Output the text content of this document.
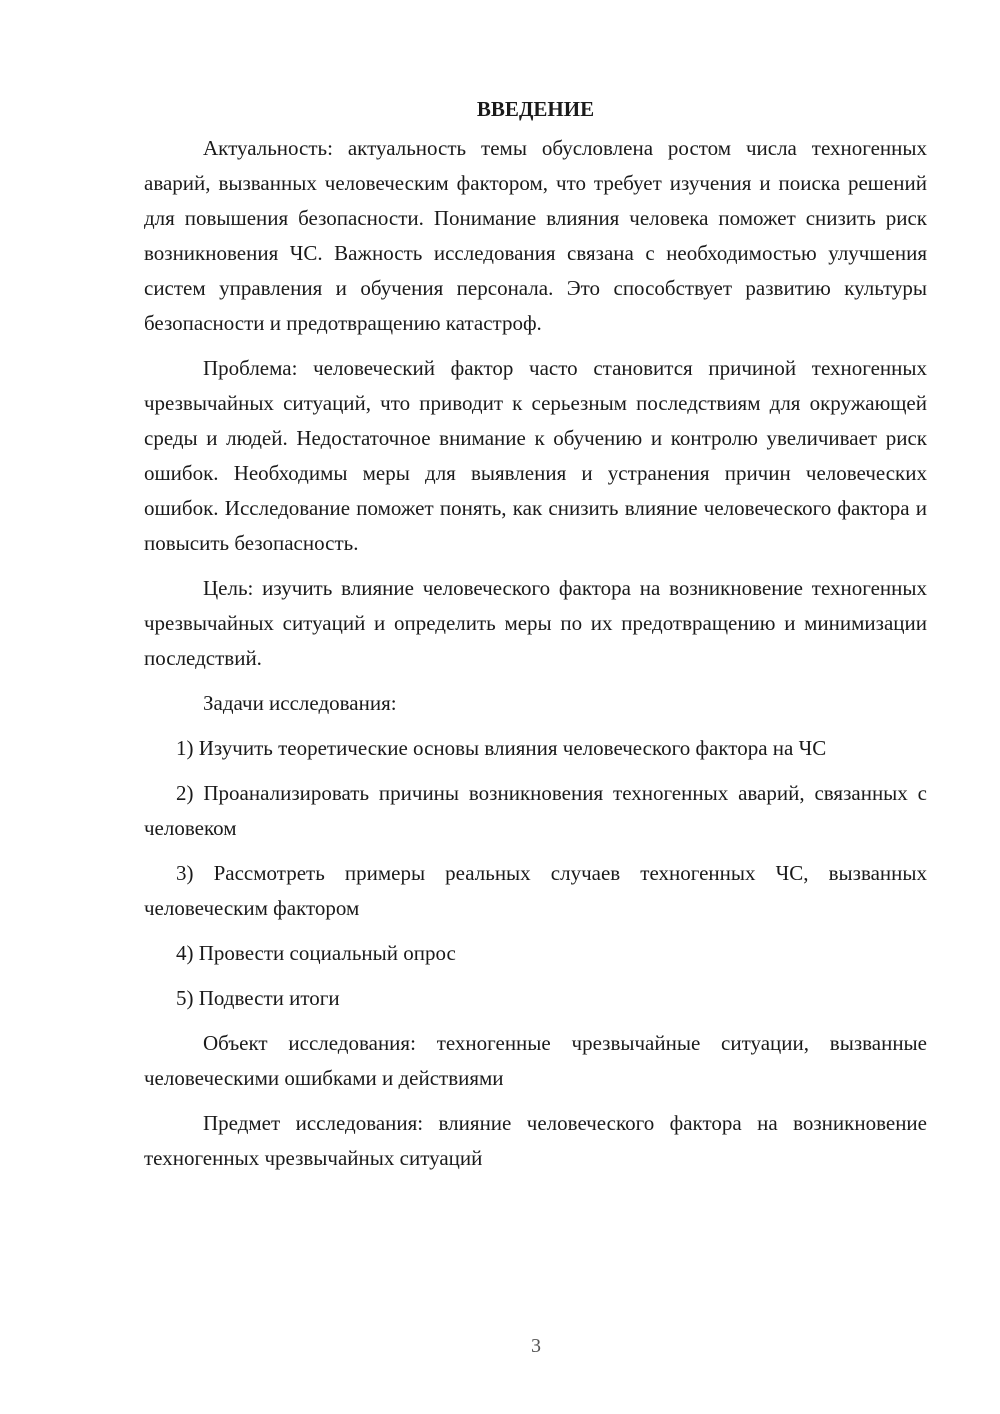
ВВЕДЕНИЕ

Актуальность: актуальность темы обусловлена ростом числа техногенных аварий, вызванных человеческим фактором, что требует изучения и поиска решений для повышения безопасности. Понимание влияния человека поможет снизить риск возникновения ЧС. Важность исследования связана с необходимостью улучшения систем управления и обучения персонала. Это способствует развитию культуры безопасности и предотвращению катастроф.

Проблема: человеческий фактор часто становится причиной техногенных чрезвычайных ситуаций, что приводит к серьезным последствиям для окружающей среды и людей. Недостаточное внимание к обучению и контролю увеличивает риск ошибок. Необходимы меры для выявления и устранения причин человеческих ошибок. Исследование поможет понять, как снизить влияние человеческого фактора и повысить безопасность.

Цель: изучить влияние человеческого фактора на возникновение техногенных чрезвычайных ситуаций и определить меры по их предотвращению и минимизации последствий.

Задачи исследования:

1) Изучить теоретические основы влияния человеческого фактора на ЧС

2) Проанализировать причины возникновения техногенных аварий, связанных с человеком

3) Рассмотреть примеры реальных случаев техногенных ЧС, вызванных человеческим фактором

4) Провести социальный опрос

5) Подвести итоги

Объект исследования: техногенные чрезвычайные ситуации, вызванные человеческими ошибками и действиями

Предмет исследования: влияние человеческого фактора на возникновение техногенных чрезвычайных ситуаций

3
